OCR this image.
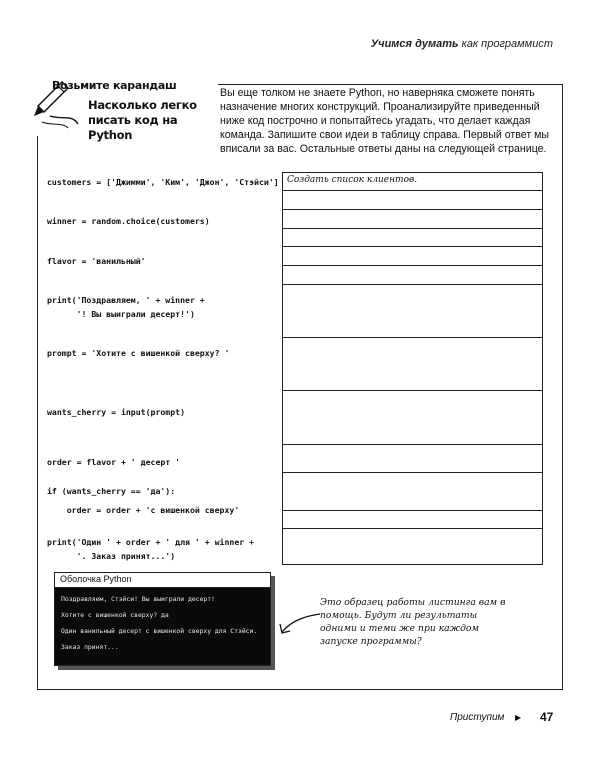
Учимся думать как программист
Возьмите карандаш
Насколько легко писать код на Python
Вы еще толком не знаете Python, но наверняка сможете понять назначение многих конструкций. Проанализируйте приведенный ниже код построчно и попытайтесь угадать, что делает каждая команда. Запишите свои идеи в таблицу справа. Первый ответ мы вписали за вас. Остальные ответы даны на следующей странице.
customers = ['Джимми', 'Ким', 'Джон', 'Стэйси']
winner = random.choice(customers)
flavor = 'ванильный'
print('Поздравляем, ' + winner +
'! Вы выиграли десерт!')
prompt = 'Хотите с вишенкой сверху? '
wants_cherry = input(prompt)
order = flavor + ' десерт '
if (wants_cherry == 'да'):
order = order + 'с вишенкой сверху'
print('Один ' + order + ' для ' + winner +
'. Заказ принят...')
Создать список клиентов.
Оболочка Python
Поздравляем, Стэйси! Вы выиграли десерт!
Хотите с вишенкой сверху? да
Один ванильный десерт с вишенкой сверху для Стэйси.
Заказ принят...
Это образец работы листинга вам в помощь. Будут ли результаты одними и теми же при каждом запуске программы?
Приступим ▶ 47
